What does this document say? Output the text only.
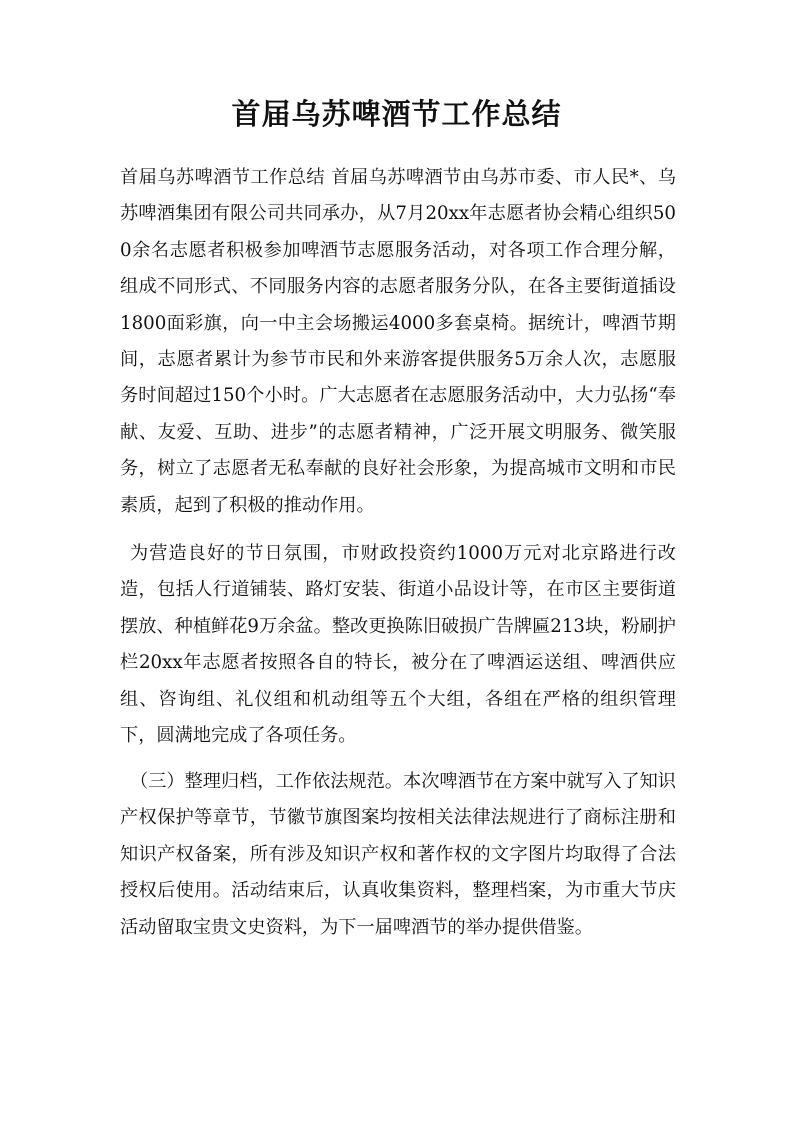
首届乌苏啤酒节工作总结

首届乌苏啤酒节工作总结 首届乌苏啤酒节由乌苏市委、市人民*、乌苏啤酒集团有限公司共同承办，从7月20xx年志愿者协会精心组织500余名志愿者积极参加啤酒节志愿服务活动，对各项工作合理分解，组成不同形式、不同服务内容的志愿者服务分队，在各主要街道插设1800面彩旗，向一中主会场搬运4000多套桌椅。据统计，啤酒节期间，志愿者累计为参节市民和外来游客提供服务5万余人次，志愿服务时间超过150个小时。广大志愿者在志愿服务活动中，大力弘扬“奉献、友爱、互助、进步”的志愿者精神，广泛开展文明服务、微笑服务，树立了志愿者无私奉献的良好社会形象，为提高城市文明和市民素质，起到了积极的推动作用。

为营造良好的节日氛围，市财政投资约1000万元对北京路进行改造，包括人行道铺装、路灯安装、街道小品设计等，在市区主要街道摆放、种植鲜花9万余盆。整改更换陈旧破损广告牌匾213块，粉刷护栏20xx年志愿者按照各自的特长，被分在了啤酒运送组、啤酒供应组、咨询组、礼仪组和机动组等五个大组，各组在严格的组织管理下，圆满地完成了各项任务。

（三）整理归档，工作依法规范。本次啤酒节在方案中就写入了知识产权保护等章节，节徽节旗图案均按相关法律法规进行了商标注册和知识产权备案，所有涉及知识产权和著作权的文字图片均取得了合法授权后使用。活动结束后，认真收集资料，整理档案，为市重大节庆活动留取宝贵文史资料，为下一届啤酒节的举办提供借鉴。
